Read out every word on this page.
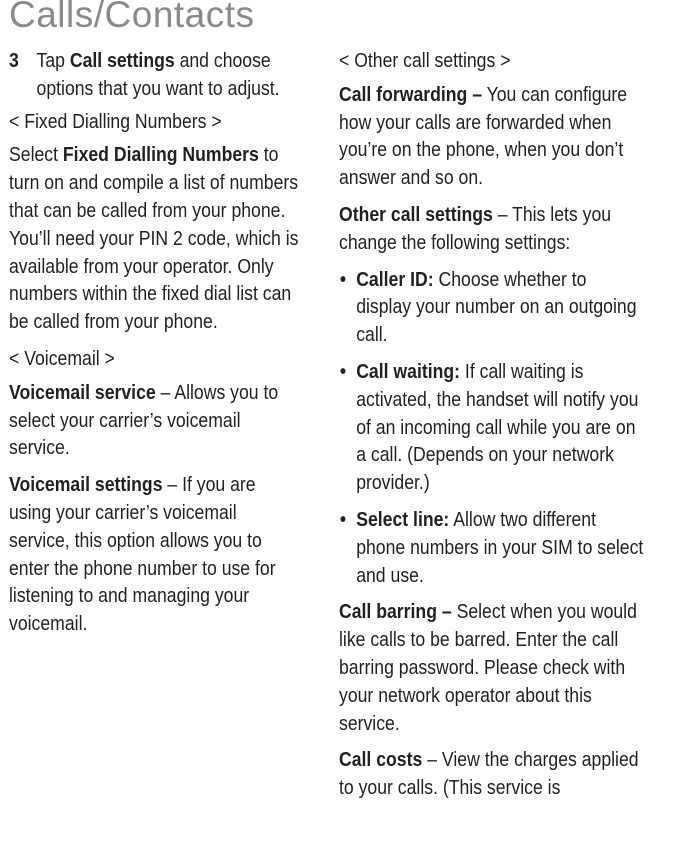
Calls/Contacts

3 Tap Call settings and choose options that you want to adjust.

< Fixed Dialling Numbers >

Select Fixed Dialling Numbers to turn on and compile a list of numbers that can be called from your phone. You’ll need your PIN 2 code, which is available from your operator. Only numbers within the fixed dial list can be called from your phone.

< Voicemail >

Voicemail service – Allows you to select your carrier’s voicemail service.

Voicemail settings – If you are using your carrier’s voicemail service, this option allows you to enter the phone number to use for listening to and managing your voicemail.

< Other call settings >

Call forwarding – You can configure how your calls are forwarded when you’re on the phone, when you don’t answer and so on.

Other call settings – This lets you change the following settings:

• Caller ID: Choose whether to display your number on an outgoing call.
• Call waiting: If call waiting is activated, the handset will notify you of an incoming call while you are on a call. (Depends on your network provider.)
• Select line: Allow two different phone numbers in your SIM to select and use.

Call barring – Select when you would like calls to be barred. Enter the call barring password. Please check with your network operator about this service.

Call costs – View the charges applied to your calls. (This service is
